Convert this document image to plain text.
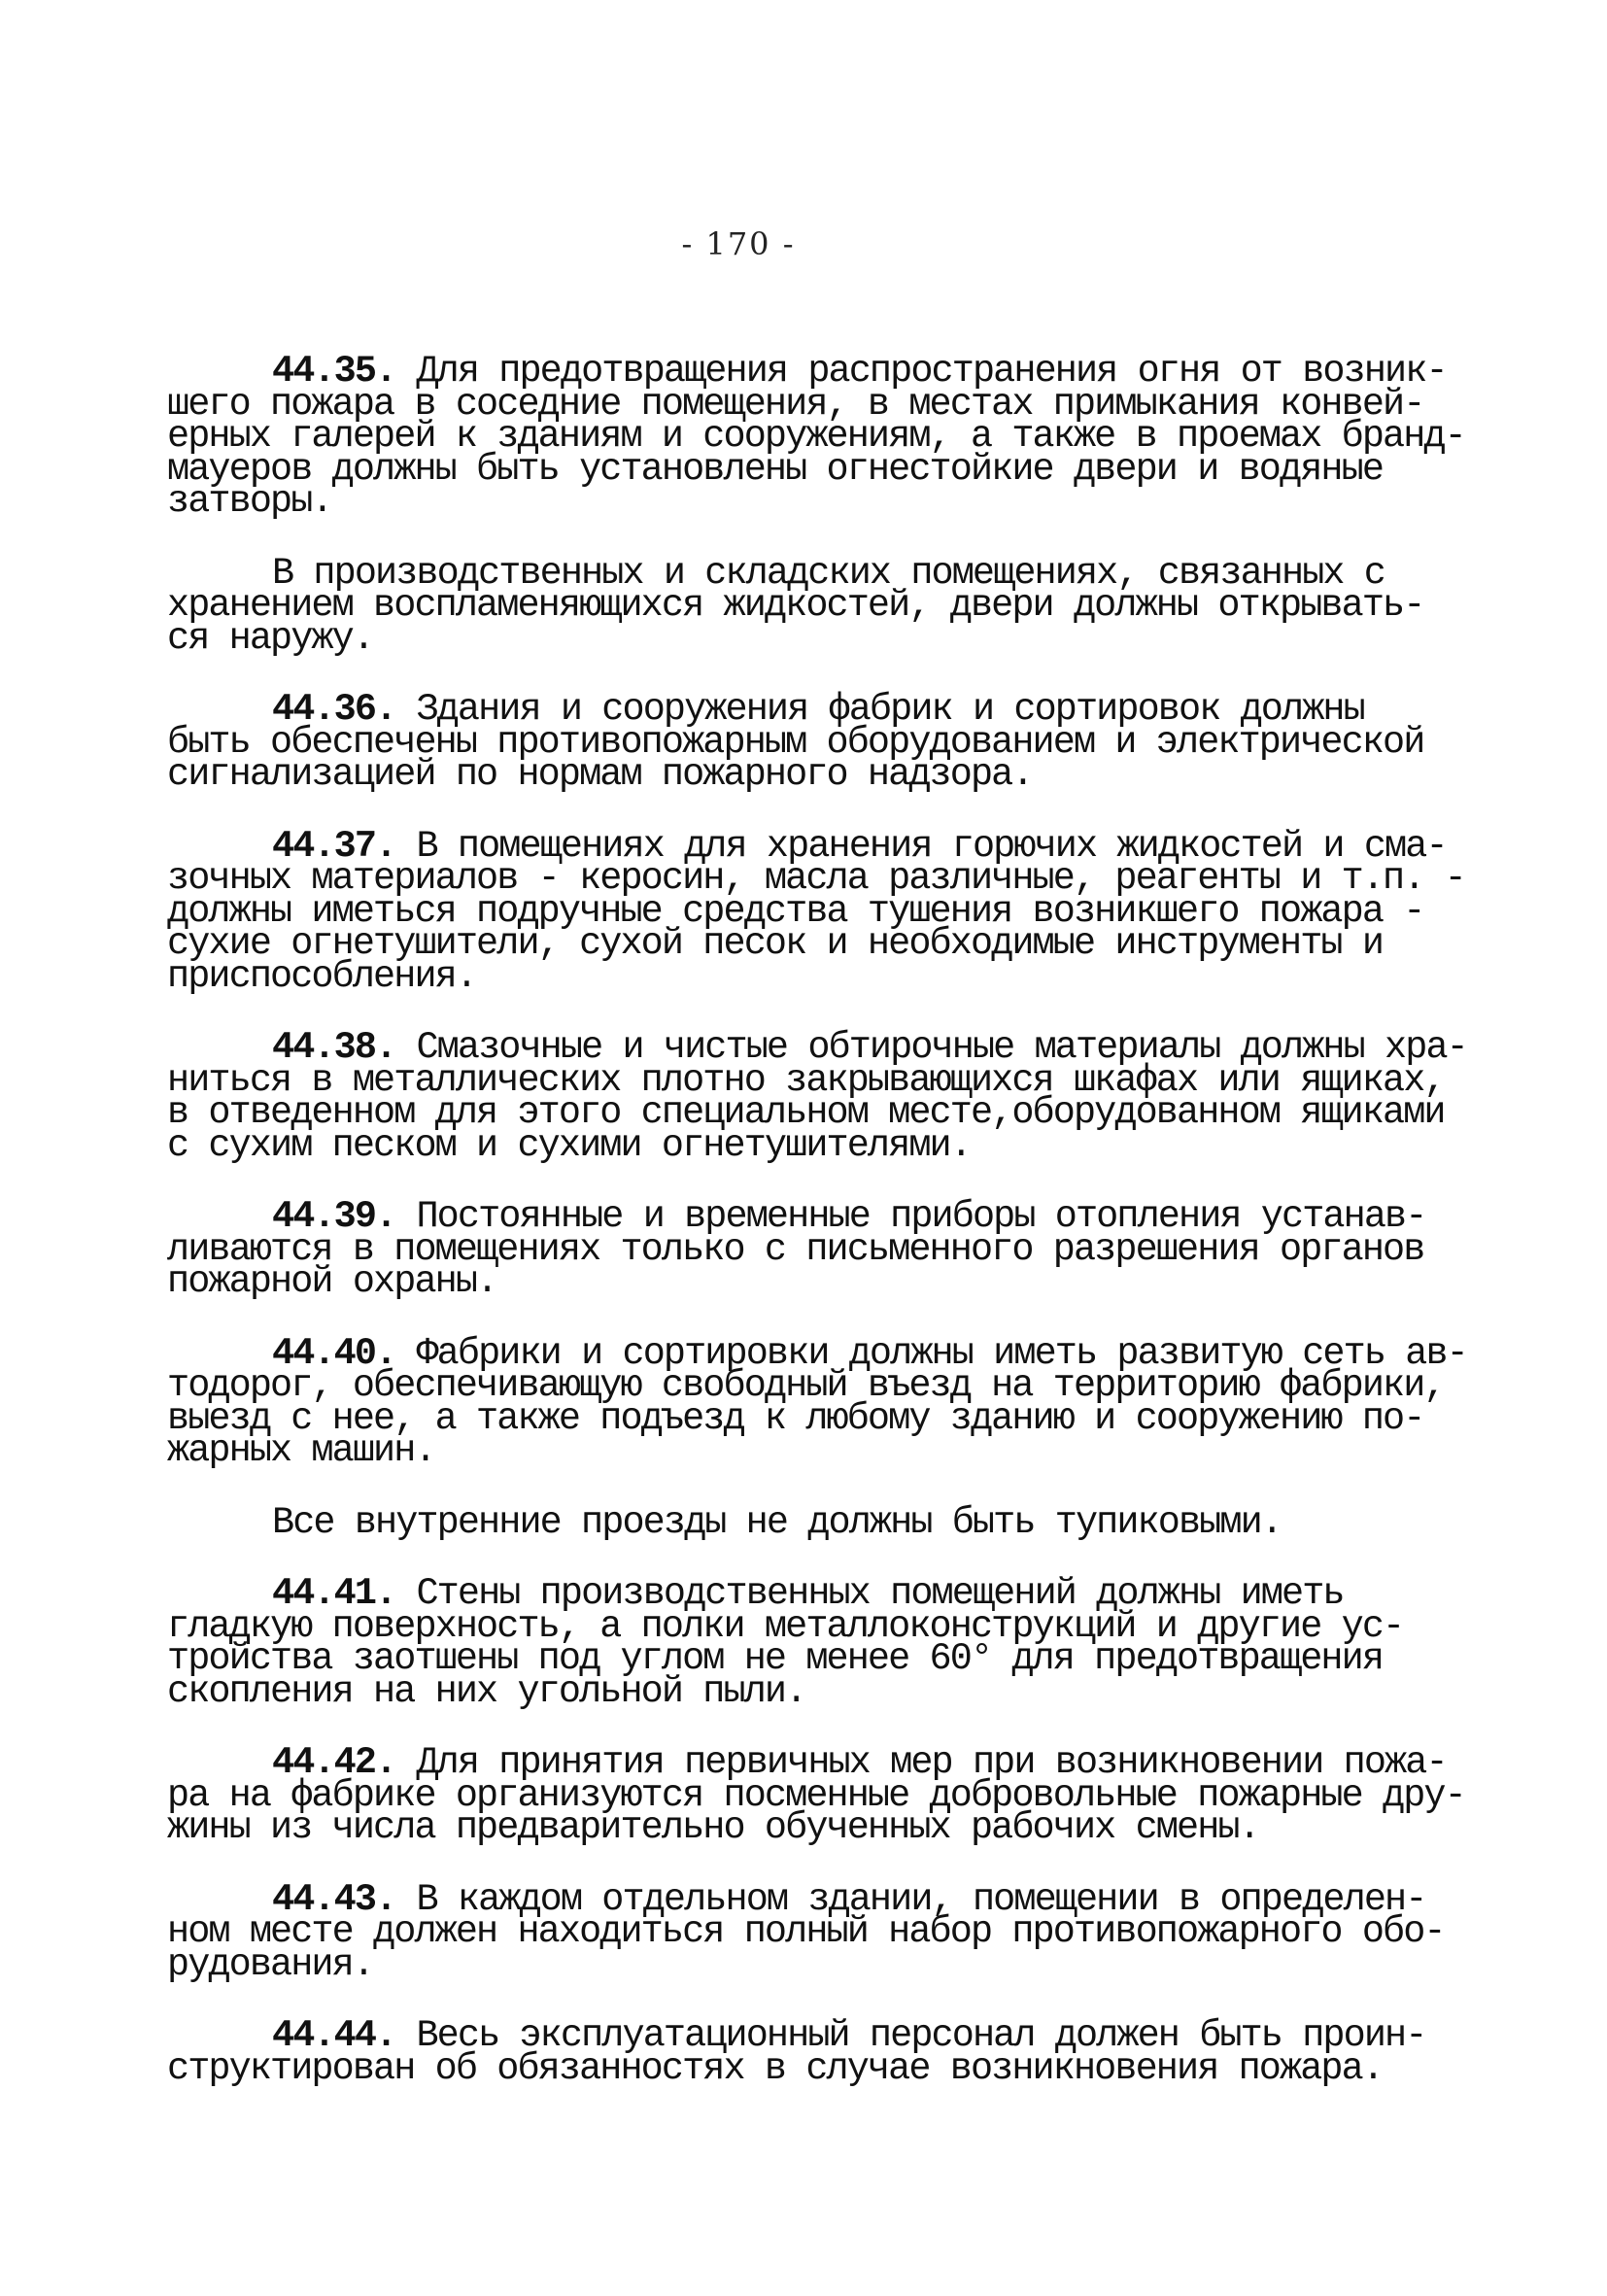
- 170 -
44.35. Для предотвращения распространения огня от возник-
шего пожара в соседние помещения, в местах примыкания конвей-
ерных галерей к зданиям и сооружениям, а также в проемах бранд-
мауеров должны быть установлены огнестойкие двери и водяные
затворы.
В производственных и складских помещениях, связанных с
хранением воспламеняющихся жидкостей, двери должны открывать-
ся наружу.
44.36. Здания и сооружения фабрик и сортировок должны
быть обеспечены противопожарным оборудованием и электрической
сигнализацией по нормам пожарного надзора.
44.37. В помещениях для хранения горючих жидкостей и сма-
зочных материалов - керосин, масла различные, реагенты и т.п. -
должны иметься подручные средства тушения возникшего пожара -
сухие огнетушители, сухой песок и необходимые инструменты и
приспособления.
44.38. Смазочные и чистые обтирочные материалы должны хра-
ниться в металлических плотно закрывающихся шкафах или ящиках,
в отведенном для этого специальном месте,оборудованном ящиками
с сухим песком и сухими огнетушителями.
44.39. Постоянные и временные приборы отопления устанав-
ливаются в помещениях только с письменного разрешения органов
пожарной охраны.
44.40. Фабрики и сортировки должны иметь развитую сеть ав-
тодорог, обеспечивающую свободный въезд на территорию фабрики,
выезд с нее, а также подъезд к любому зданию и сооружению по-
жарных машин.
Все внутренние проезды не должны быть тупиковыми.
44.41. Стены производственных помещений должны иметь
гладкую поверхность, а полки металлоконструкций и другие ус-
тройства заотшены под углом не менее 60° для предотвращения
скопления на них угольной пыли.
44.42. Для принятия первичных мер при возникновении пожа-
ра на фабрике организуются посменные добровольные пожарные дру-
жины из числа предварительно обученных рабочих смены.
44.43. В каждом отдельном здании, помещении в определен-
ном месте должен находиться полный набор противопожарного обо-
рудования.
44.44. Весь эксплуатационный персонал должен быть проин-
структирован об обязанностях в случае возникновения пожара.
